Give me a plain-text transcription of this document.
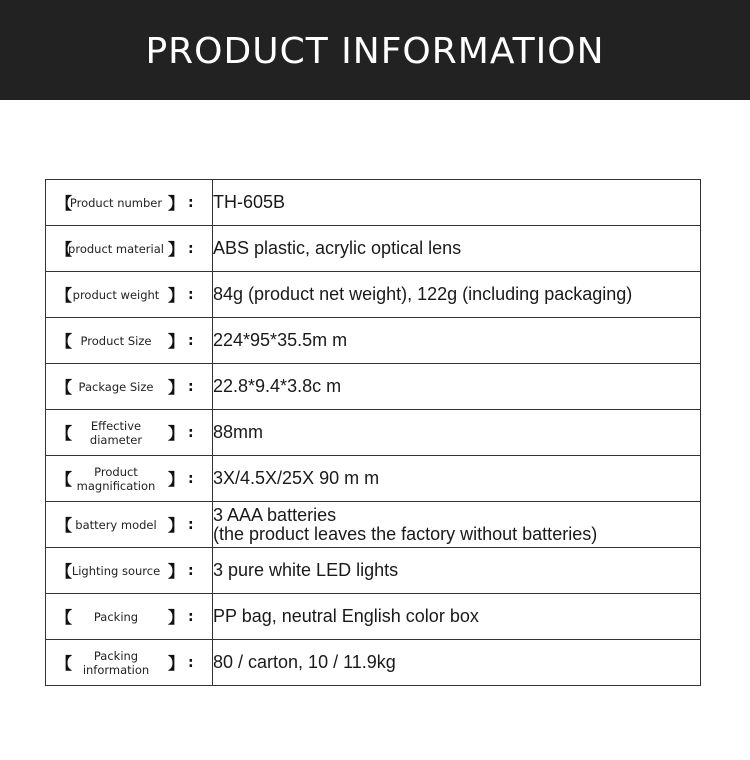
PRODUCT INFORMATION
【
Product number 】 :	TH-605B

【
product material 】 :	ABS plastic, acrylic optical lens

【 product weight 】 :	84g (product net weight), 122g (including packaging)

【 Product Size 】 :	224*95*35.5m m

【 Package Size 】 :	22.8*9.4*3.8c m

【 Effective diameter 】 :	88mm

【 Product magnification 】 :	3X/4.5X/25X 90 m m

【 battery model 】 :	3 AAA batteries
(the product leaves the factory without batteries)

【 Lighting source 】 :	3 pure white LED lights

【 Packing 】 :	PP bag, neutral English color box

【 Packing information 】 :	80 / carton, 10 / 11.9kg
